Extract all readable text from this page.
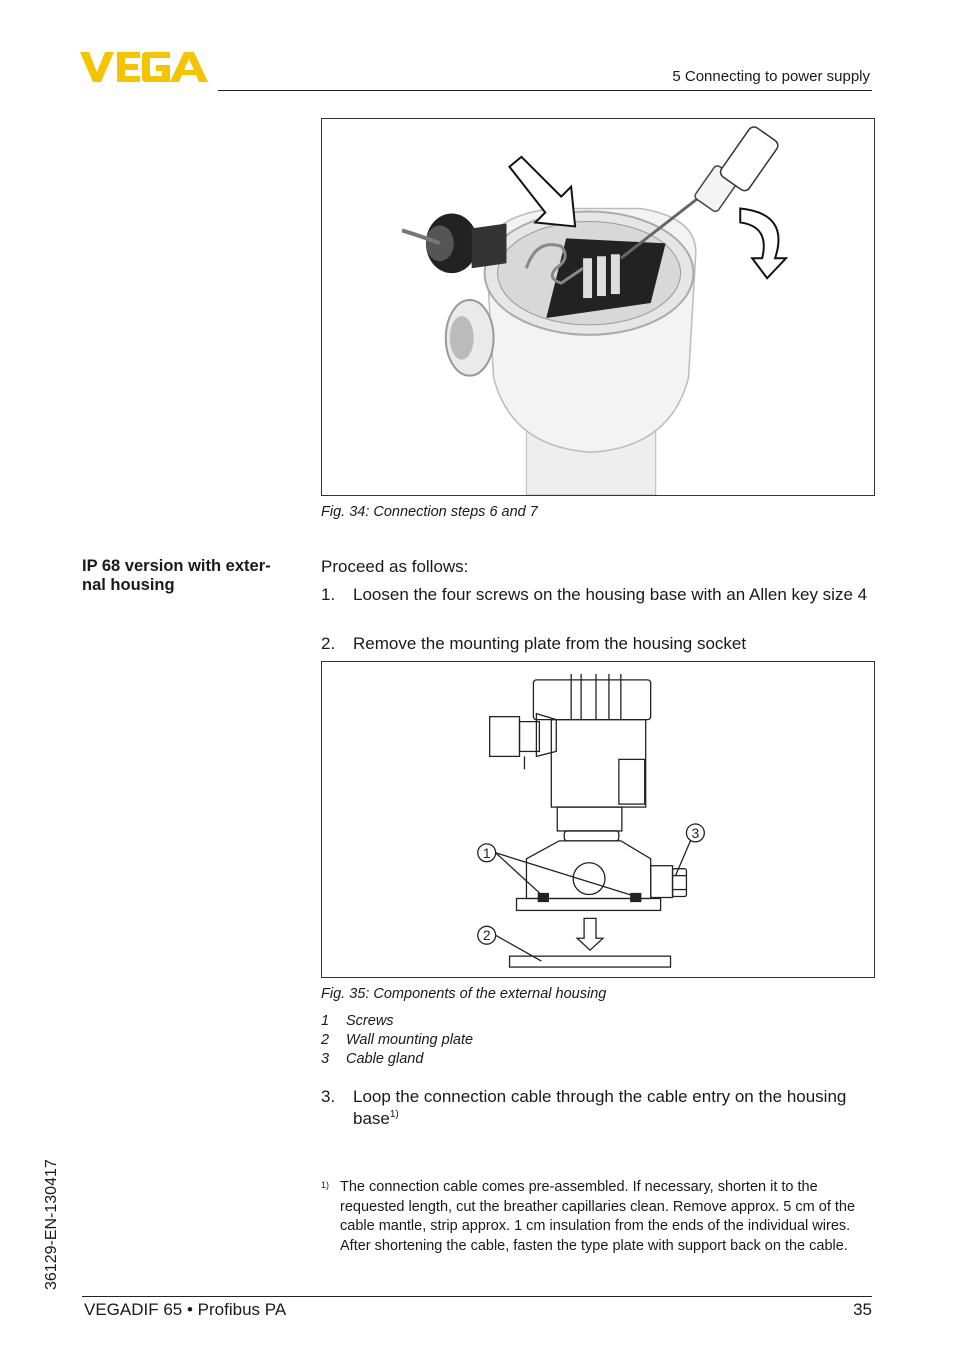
5 Connecting to power supply
Fig. 34: Connection steps 6 and 7
IP 68 version with exter-
nal housing
Proceed as follows:
1.	Loosen the four screws on the housing base with an Allen key size 4
2.	Remove the mounting plate from the housing socket
1
2
3
Fig. 35: Components of the external housing
1 Screws
2 Wall mounting plate
3 Cable gland
3.	Loop the connection cable through the cable entry on the housing base$^{1)}$
1) The connection cable comes pre-assembled. If necessary, shorten it to the requested length, cut the breather capillaries clean. Remove approx. 5 cm of the cable mantle, strip approx. 1 cm insulation from the ends of the individual wires. After shortening the cable, fasten the type plate with support back on the cable.
36129-EN-130417
VEGADIF 65 • Profibus PA	35
